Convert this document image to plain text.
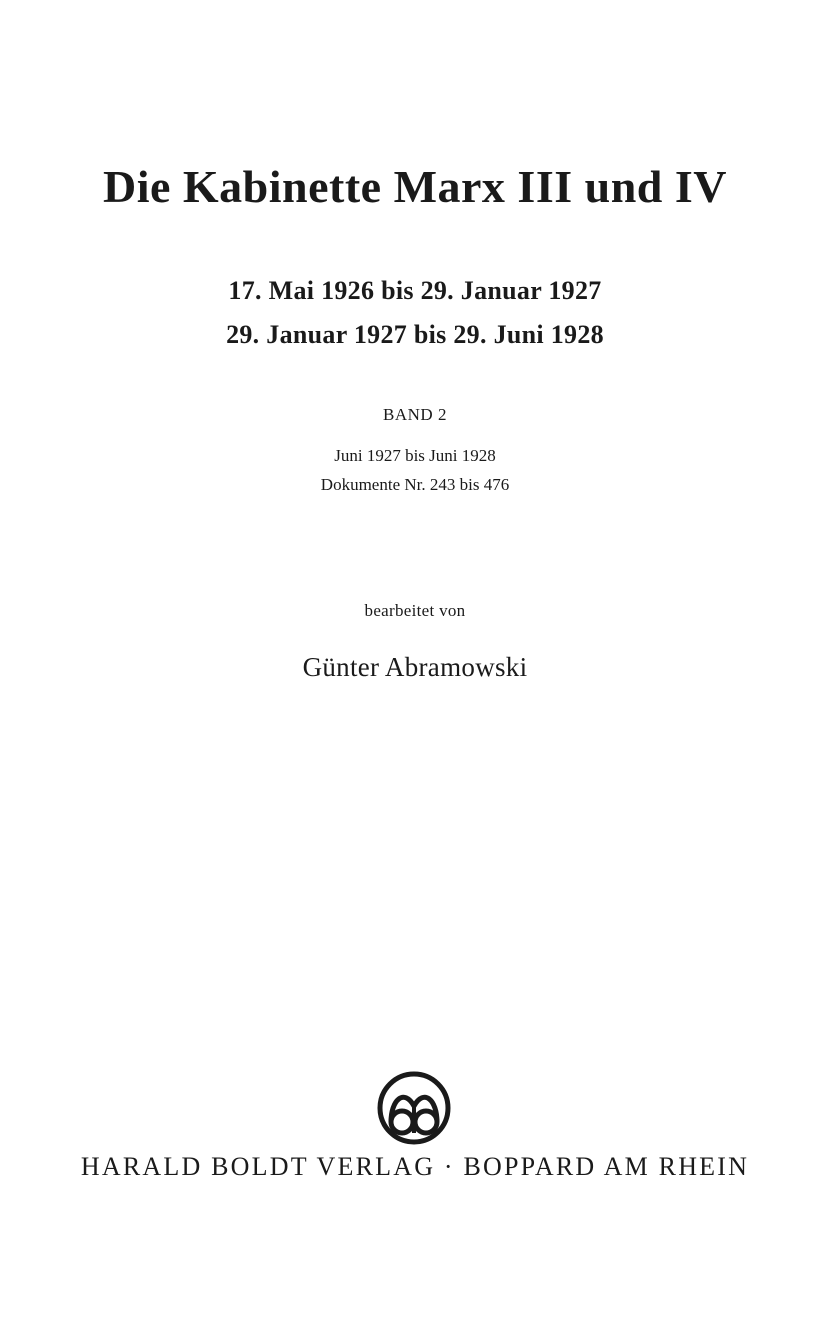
Die Kabinette Marx III und IV
17. Mai 1926 bis 29. Januar 1927
29. Januar 1927 bis 29. Juni 1928
BAND 2
Juni 1927 bis Juni 1928
Dokumente Nr. 243 bis 476
bearbeitet von
Günter Abramowski
HARALD BOLDT VERLAG · BOPPARD AM RHEIN
